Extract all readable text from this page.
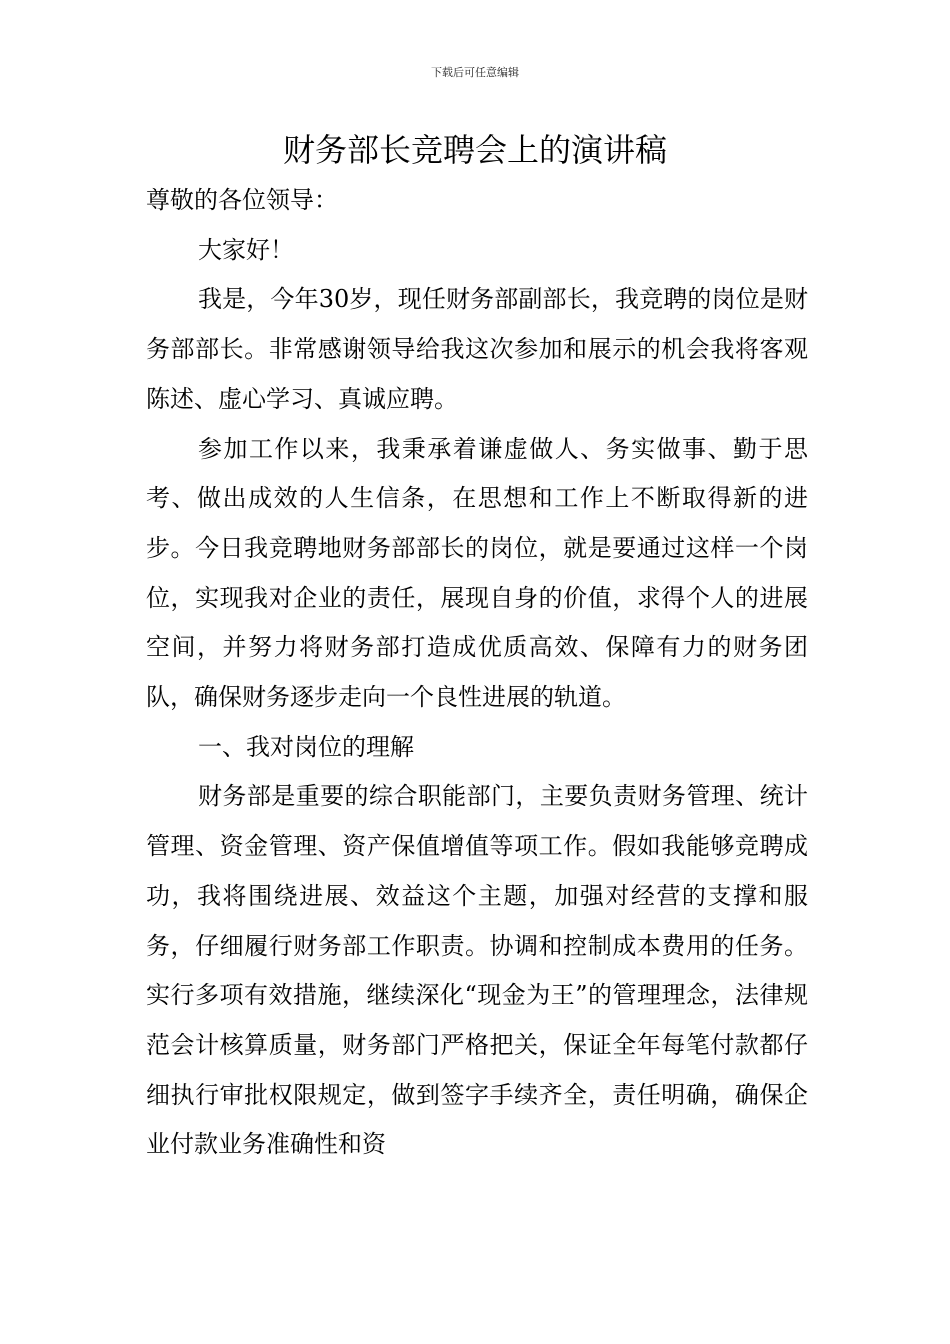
下载后可任意编辑
财务部长竞聘会上的演讲稿

尊敬的各位领导：

大家好！

我是，今年30岁，现任财务部副部长，我竞聘的岗位是财务部部长。非常感谢领导给我这次参加和展示的机会我将客观陈述、虚心学习、真诚应聘。

参加工作以来，我秉承着谦虚做人、务实做事、勤于思考、做出成效的人生信条，在思想和工作上不断取得新的进步。今日我竞聘地财务部部长的岗位，就是要通过这样一个岗位，实现我对企业的责任，展现自身的价值，求得个人的进展空间，并努力将财务部打造成优质高效、保障有力的财务团队，确保财务逐步走向一个良性进展的轨道。

一、我对岗位的理解

财务部是重要的综合职能部门，主要负责财务管理、统计管理、资金管理、资产保值增值等项工作。假如我能够竞聘成功，我将围绕进展、效益这个主题，加强对经营的支撑和服务，仔细履行财务部工作职责。协调和控制成本费用的任务。实行多项有效措施，继续深化“现金为王”的管理理念，法律规范会计核算质量，财务部门严格把关，保证全年每笔付款都仔细执行审批权限规定，做到签字手续齐全，责任明确，确保企业付款业务准确性和资
